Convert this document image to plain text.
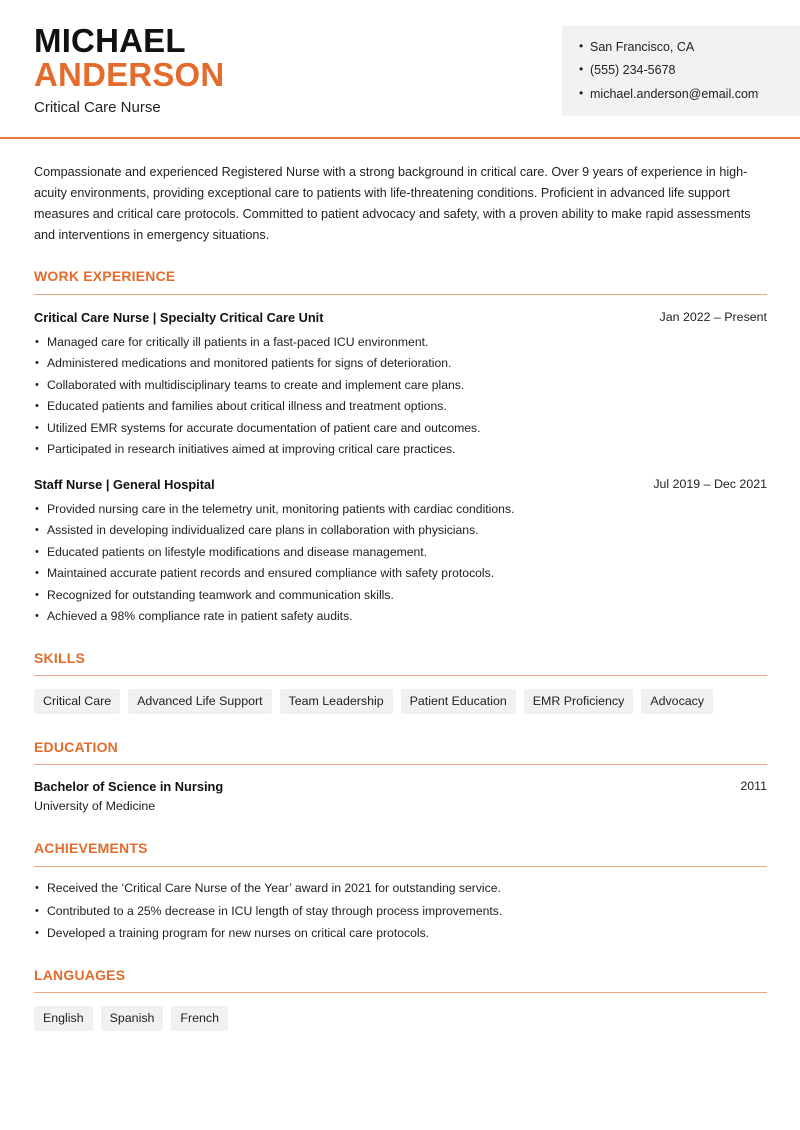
MICHAEL
ANDERSON
Critical Care Nurse
• San Francisco, CA
• (555) 234-5678
• michael.anderson@email.com

Compassionate and experienced Registered Nurse with a strong background in critical care. Over 9 years of experience in high-acuity environments, providing exceptional care to patients with life-threatening conditions. Proficient in advanced life support measures and critical care protocols. Committed to patient advocacy and safety, with a proven ability to make rapid assessments and interventions in emergency situations.

WORK EXPERIENCE
Critical Care Nurse | Specialty Critical Care Unit	Jan 2022 – Present
• Managed care for critically ill patients in a fast-paced ICU environment.
• Administered medications and monitored patients for signs of deterioration.
• Collaborated with multidisciplinary teams to create and implement care plans.
• Educated patients and families about critical illness and treatment options.
• Utilized EMR systems for accurate documentation of patient care and outcomes.
• Participated in research initiatives aimed at improving critical care practices.
Staff Nurse | General Hospital	Jul 2019 – Dec 2021
• Provided nursing care in the telemetry unit, monitoring patients with cardiac conditions.
• Assisted in developing individualized care plans in collaboration with physicians.
• Educated patients on lifestyle modifications and disease management.
• Maintained accurate patient records and ensured compliance with safety protocols.
• Recognized for outstanding teamwork and communication skills.
• Achieved a 98% compliance rate in patient safety audits.
SKILLS
Critical Care	Advanced Life Support	Team Leadership	Patient Education	EMR Proficiency	Advocacy
EDUCATION
Bachelor of Science in Nursing	2011
University of Medicine
ACHIEVEMENTS
• Received the ‘Critical Care Nurse of the Year’ award in 2021 for outstanding service.
• Contributed to a 25% decrease in ICU length of stay through process improvements.
• Developed a training program for new nurses on critical care protocols.
LANGUAGES
English	Spanish	French
